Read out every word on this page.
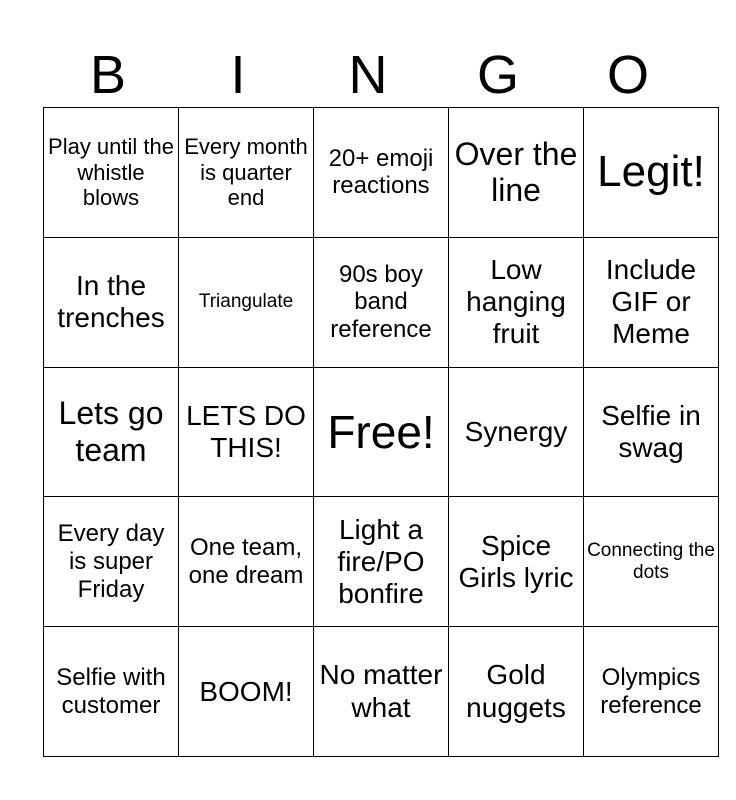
B	I	N	G	O
Play until the whistle blows	Every month is quarter end	20+ emoji reactions	Over the line	Legit!
In the trenches	Triangulate	90s boy band reference	Low hanging fruit	Include GIF or Meme
Lets go team	LETS DO THIS!	Free!	Synergy	Selfie in swag
Every day is super Friday	One team, one dream	Light a fire/PO bonfire	Spice Girls lyric	Connecting the dots
Selfie with customer	BOOM!	No matter what	Gold nuggets	Olympics reference
